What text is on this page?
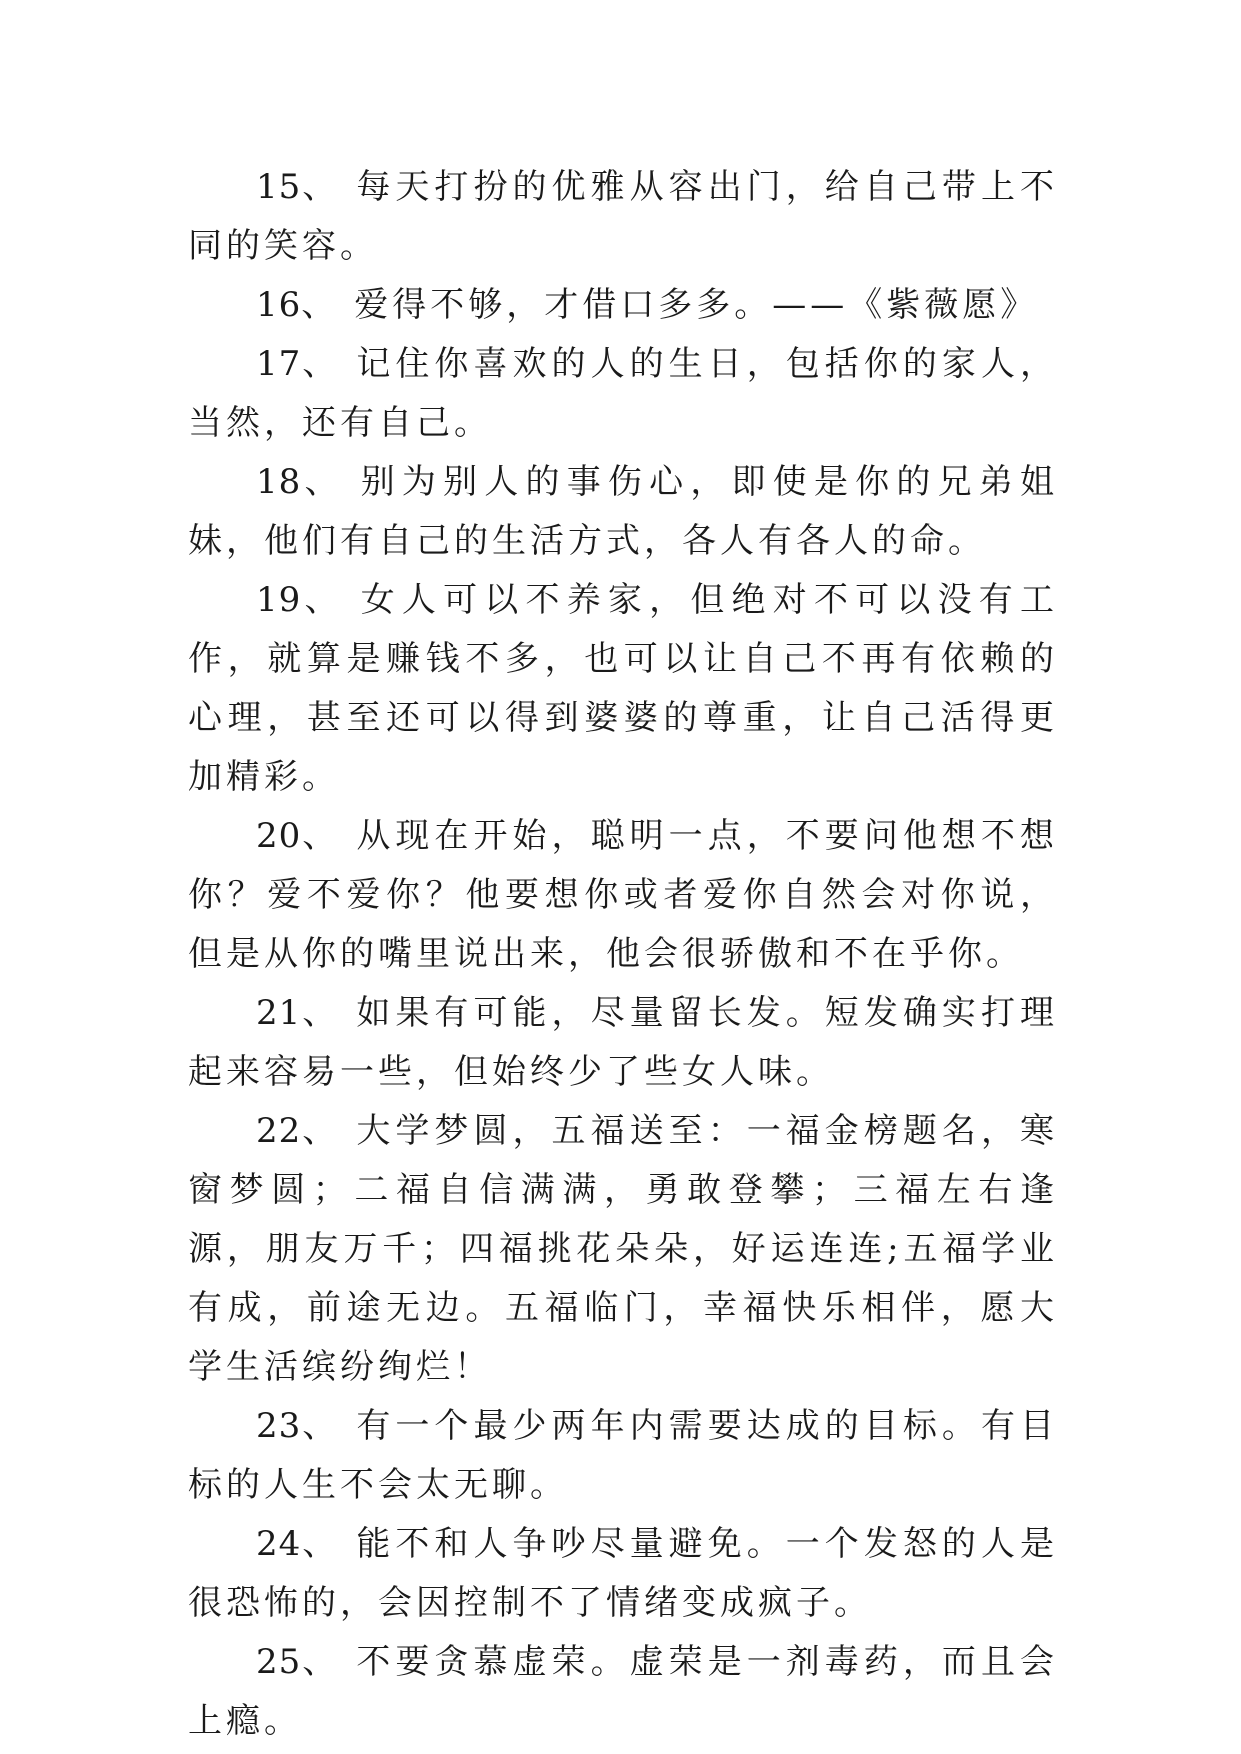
15、 每天打扮的优雅从容出门，给自己带上不同的笑容。

16、 爱得不够，才借口多多。——《紫薇愿》

17、 记住你喜欢的人的生日，包括你的家人，当然，还有自己。

18、 别为别人的事伤心，即使是你的兄弟姐妹，他们有自己的生活方式，各人有各人的命。

19、 女人可以不养家，但绝对不可以没有工作，就算是赚钱不多，也可以让自己不再有依赖的心理，甚至还可以得到婆婆的尊重，让自己活得更加精彩。

20、 从现在开始，聪明一点，不要问他想不想你？爱不爱你？他要想你或者爱你自然会对你说，但是从你的嘴里说出来，他会很骄傲和不在乎你。

21、 如果有可能，尽量留长发。短发确实打理起来容易一些，但始终少了些女人味。

22、 大学梦圆，五福送至：一福金榜题名，寒窗梦圆；二福自信满满，勇敢登攀；三福左右逢源，朋友万千；四福挑花朵朵，好运连连;五福学业有成，前途无边。五福临门，幸福快乐相伴，愿大学生活缤纷绚烂！

23、 有一个最少两年内需要达成的目标。有目标的人生不会太无聊。

24、 能不和人争吵尽量避免。一个发怒的人是很恐怖的，会因控制不了情绪变成疯子。

25、 不要贪慕虚荣。虚荣是一剂毒药，而且会上瘾。
